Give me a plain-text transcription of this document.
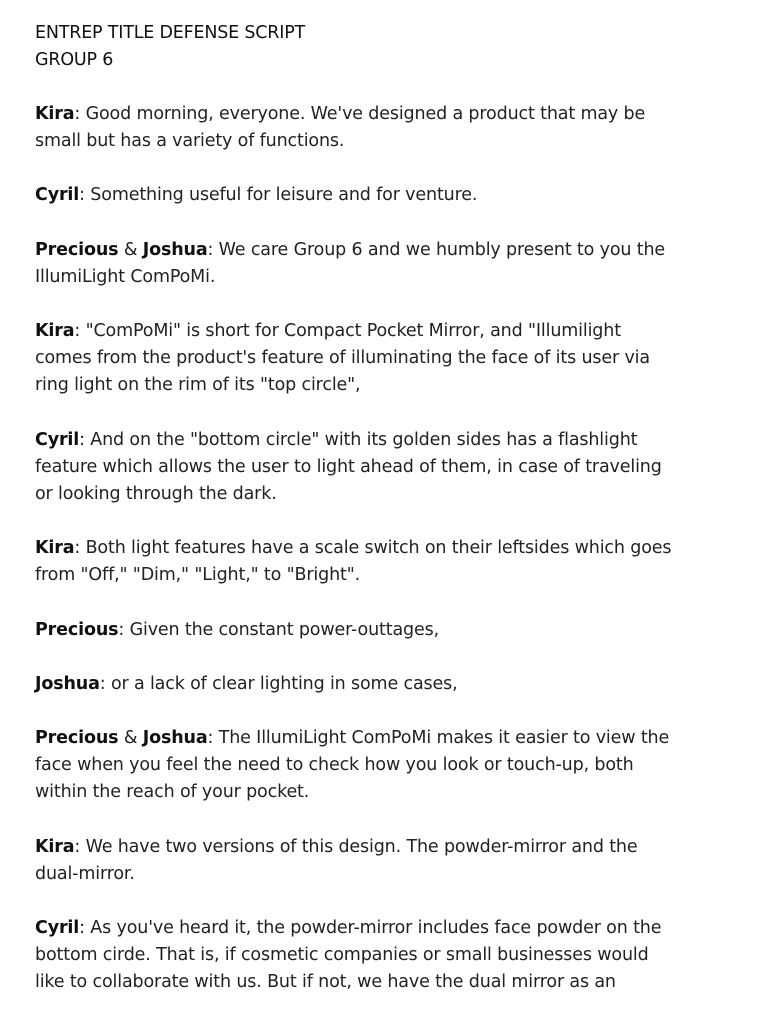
ENTREP TITLE DEFENSE SCRIPT
GROUP 6
Kira: Good morning, everyone. We've designed a product that may be
small but has a variety of functions.
Cyril: Something useful for leisure and for venture.
Precious & Joshua: We care Group 6 and we humbly present to you the
IllumiLight ComPoMi.
Kira: "ComPoMi" is short for Compact Pocket Mirror, and "Illumilight
comes from the product's feature of illuminating the face of its user via
ring light on the rim of its "top circle",
Cyril: And on the "bottom circle" with its golden sides has a flashlight
feature which allows the user to light ahead of them, in case of traveling
or looking through the dark.
Kira: Both light features have a scale switch on their leftsides which goes
from "Off," "Dim," "Light," to "Bright".
Precious: Given the constant power-outtages,
Joshua: or a lack of clear lighting in some cases,
Precious & Joshua: The IllumiLight ComPoMi makes it easier to view the
face when you feel the need to check how you look or touch-up, both
within the reach of your pocket.
Kira: We have two versions of this design. The powder-mirror and the
dual-mirror.
Cyril: As you've heard it, the powder-mirror includes face powder on the
bottom cirde. That is, if cosmetic companies or small businesses would
like to collaborate with us. But if not, we have the dual mirror as an
